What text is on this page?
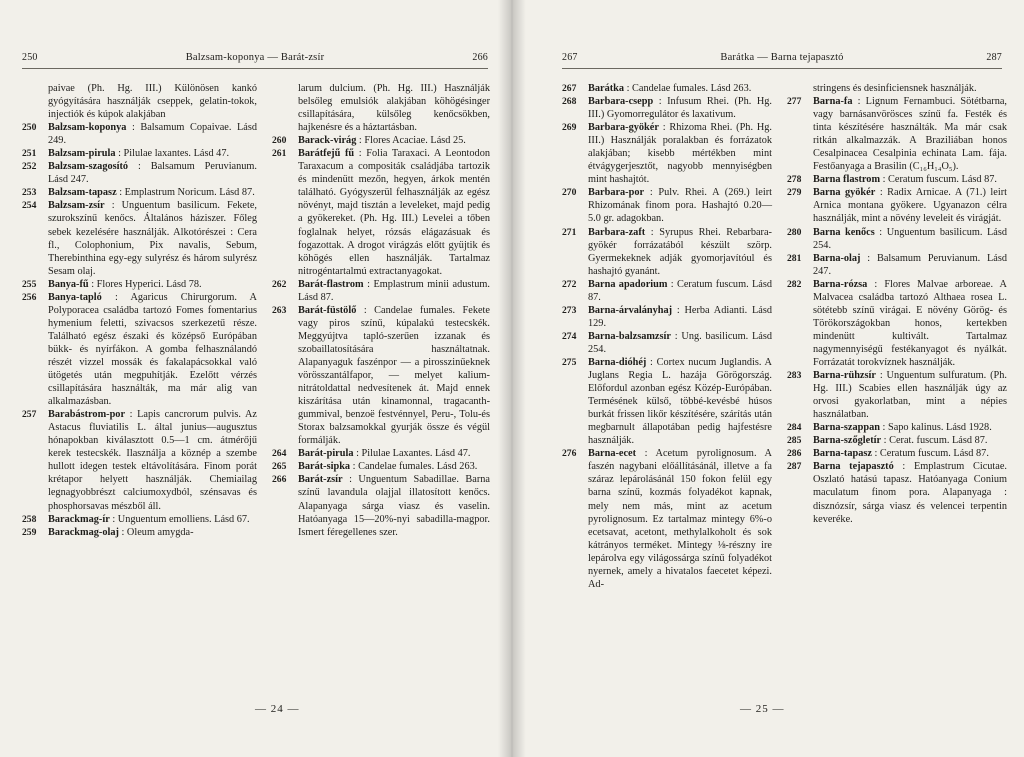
250	Balzsam-koponya — Barát-zsír	266
paivae (Ph. Hg. III.) Különösen kankó gyógyítására használják cseppek, gelatin-tokok, injectiók és kúpok alakjában
250	Balzsam-koponya : Balsamum Copaivae. Lásd 249.
251	Balzsam-pirula : Pilulae laxantes. Lásd 47.
252	Balzsam-szagosító : Balsamum Peruvianum. Lásd 247.
253	Balzsam-tapasz : Emplastrum Noricum. Lásd 87.
254	Balzsam-zsír : Unguentum basilicum. Fekete, szurokszínű kenőcs. Általános háziszer. Főleg sebek kezelésére használják. Alkotórészei : Cera fl., Colophonium, Pix navalis, Sebum, Therebinthina egy-egy sulyrész és három sulyrész Sesam olaj.
255	Banya-fű : Flores Hyperici. Lásd 78.
256	Banya-tapló : Agaricus Chirurgorum. A Polyporacea családba tartozó Fomes fomentarius hymenium feletti, szivacsos szerkezetű része. Található egész északi és középső Európában bükk- és nyírfákon. A gomba felhasználandó részét vizzel mossák és fakalapácsokkal való ütögetés után megpuhítják. Ezelőtt vérzés csillapítására használták, ma már alig van alkalmazásban.
257	Barabástrom-por : Lapis cancrorum pulvis. Az Astacus fluviatilis L. által junius—augusztus hónapokban kiválasztott 0.5—1 cm. átmérőjű kerek testecskék. Ilasználja a köznép a szembe hullott idegen testek eltávolítására. Finom porát krétapor helyett használják. Chemiailag legnagyobbrészt calciumoxydból, szénsavas és phosphorsavas mészből áll.
258	Barackmag-ír : Unguentum emolliens. Lásd 67.
259	Barackmag-olaj : Oleum amygda-
larum dulcium. (Ph. Hg. III.) Használják belsőleg emulsiók alakjában köhögésinger csillapítására, külsőleg kenőcsökben, hajkenésre és a háztartásban.
260	Barack-virág : Flores Acaciae. Lásd 25.
261	Barátfejű fű : Folia Taraxaci. A Leontodon Taraxacum a compositák családjába tartozik és mindenütt mezőn, hegyen, árkok mentén található. Gyógyszerül felhasználják az egész növényt, majd tisztán a leveleket, majd pedig a gyökereket. (Ph. Hg. III.) Levelei a tőben foglalnak helyet, rózsás elágazásuak és fogazottak. A drogot virágzás előtt gyüjtik és köhögés ellen használják. Tartalmaz nitrogéntartalmú extractanyagokat.
262	Barát-flastrom : Emplastrum minii adustum. Lásd 87.
263	Barát-füstölő : Candelae fumales. Fekete vagy piros színű, kúpalakú testecskék. Meggyújtva tapló-szerűen izzanak és szobaillatosítására használtatnak. Alapanyaguk faszénpor — a pirosszinűeknek vörösszantálfapor, — melyet kalium-nitrátoldattal nedvesítenek át. Majd ennek kiszárítása után kinamonnal, tragacanth-gummival, benzoë festvénnyel, Peru-, Tolu-és Storax balzsamokkal gyurják össze és végül formálják.
264	Barát-pirula : Pilulae Laxantes. Lásd 47.
265	Barát-sipka : Candelae fumales. Lásd 263.
266	Barát-zsír : Unguentum Sabadillae. Barna színű lavandula olajjal illatosított kenőcs. Alapanyaga sárga viasz és vaselin. Hatóanyaga 15—20%-nyi sabadilla-magpor. Ismert féregellenes szer.
— 24 —
267	Barátka — Barna tejapasztó	287
267	Barátka : Candelae fumales. Lásd 263.
268	Barbara-csepp : Infusum Rhei. (Ph. Hg. III.) Gyomorregulátor és laxativum.
269	Barbara-gyökér : Rhizoma Rhei. (Ph. Hg. III.) Használják poralakban és forrázatok alakjában; kisebb mértékben mint étvágygerjesztőt, nagyobb mennyiségben mint hashajtót.
270	Barbara-por : Pulv. Rhei. A (269.) leirt Rhizomának finom pora. Hashajtó 0.20—5.0 gr. adagokban.
271	Barbara-zaft : Syrupus Rhei. Rebarbara-gyökér forrázatából készült szörp. Gyermekeknek adják gyomorjavítóul és hashajtó gyanánt.
272	Barna apadorium : Ceratum fuscum. Lásd 87.
273	Barna-árvalányhaj : Herba Adianti. Lásd 129.
274	Barna-balzsamzsír : Ung. basilicum. Lásd 254.
275	Barna-dióhéj : Cortex nucum Juglandis. A Juglans Regia L. hazája Görögország. Előfordul azonban egész Közép-Európában. Termésének külső, többé-kevésbé húsos burkát frissen likőr készítésére, szárítás után megbarnult állapotában pedig hajfestésre használják.
276	Barna-ecet : Acetum pyrolignosum. A faszén nagybani előállításánál, illetve a fa száraz lepárolásánál 150 fokon felül egy barna színű, kozmás folyadékot kapnak, mely nem más, mint az acetum pyrolignosum. Ez tartalmaz mintegy 6%-o ecetsavat, acetont, methylalkoholt és sok kátrányos terméket. Mintegy ⅛-részny ire lepárolva egy világossárga színű folyadékot nyernek, amely a hivatalos faecetet képezi. Ad-
stringens és desinficiensnek használják.
277	Barna-fa : Lignum Fernambuci. Sötétbarna, vagy barnásanvörösces színű fa. Festék és tinta készítésére használták. Ma már csak ritkán alkalmazzák. A Braziliában honos Cesalpinacea Cesalpinia echinata Lam. fája. Festőanyaga a Brasilin (C₁₆H₁₄O₅).
278	Barna flastrom : Ceratum fuscum. Lásd 87.
279	Barna gyökér : Radix Arnicae. A (71.) leirt Arnica montana gyökere. Ugyanazon célra használják, mint a növény leveleit és virágját.
280	Barna kenőcs : Unguentum basilicum. Lásd 254.
281	Barna-olaj : Balsamum Peruvianum. Lásd 247.
282	Barna-rózsa : Flores Malvae arboreae. A Malvacea családba tartozó Althaea rosea L. sötétebb színű virágai. E növény Görög- és Törökországokban honos, kertekben mindenütt kultivált. Tartalmaz nagymennyiségű festékanyagot és nyálkát. Forrázatát torokvíznek használják.
283	Barna-rühzsír : Unguentum sulfuratum. (Ph. Hg. III.) Scabies ellen használják úgy az orvosi gyakorlatban, mint a népies használatban.
284	Barna-szappan : Sapo kalinus. Lásd 1928.
285	Barna-szőgletír : Cerat. fuscum. Lásd 87.
286	Barna-tapasz : Ceratum fuscum. Lásd 87.
287	Barna tejapasztó : Emplastrum Cicutae. Oszlató hatású tapasz. Hatóanyaga Conium maculatum finom pora. Alapanyaga : disznózsír, sárga viasz és velencei terpentin keveréke.
— 25 —
